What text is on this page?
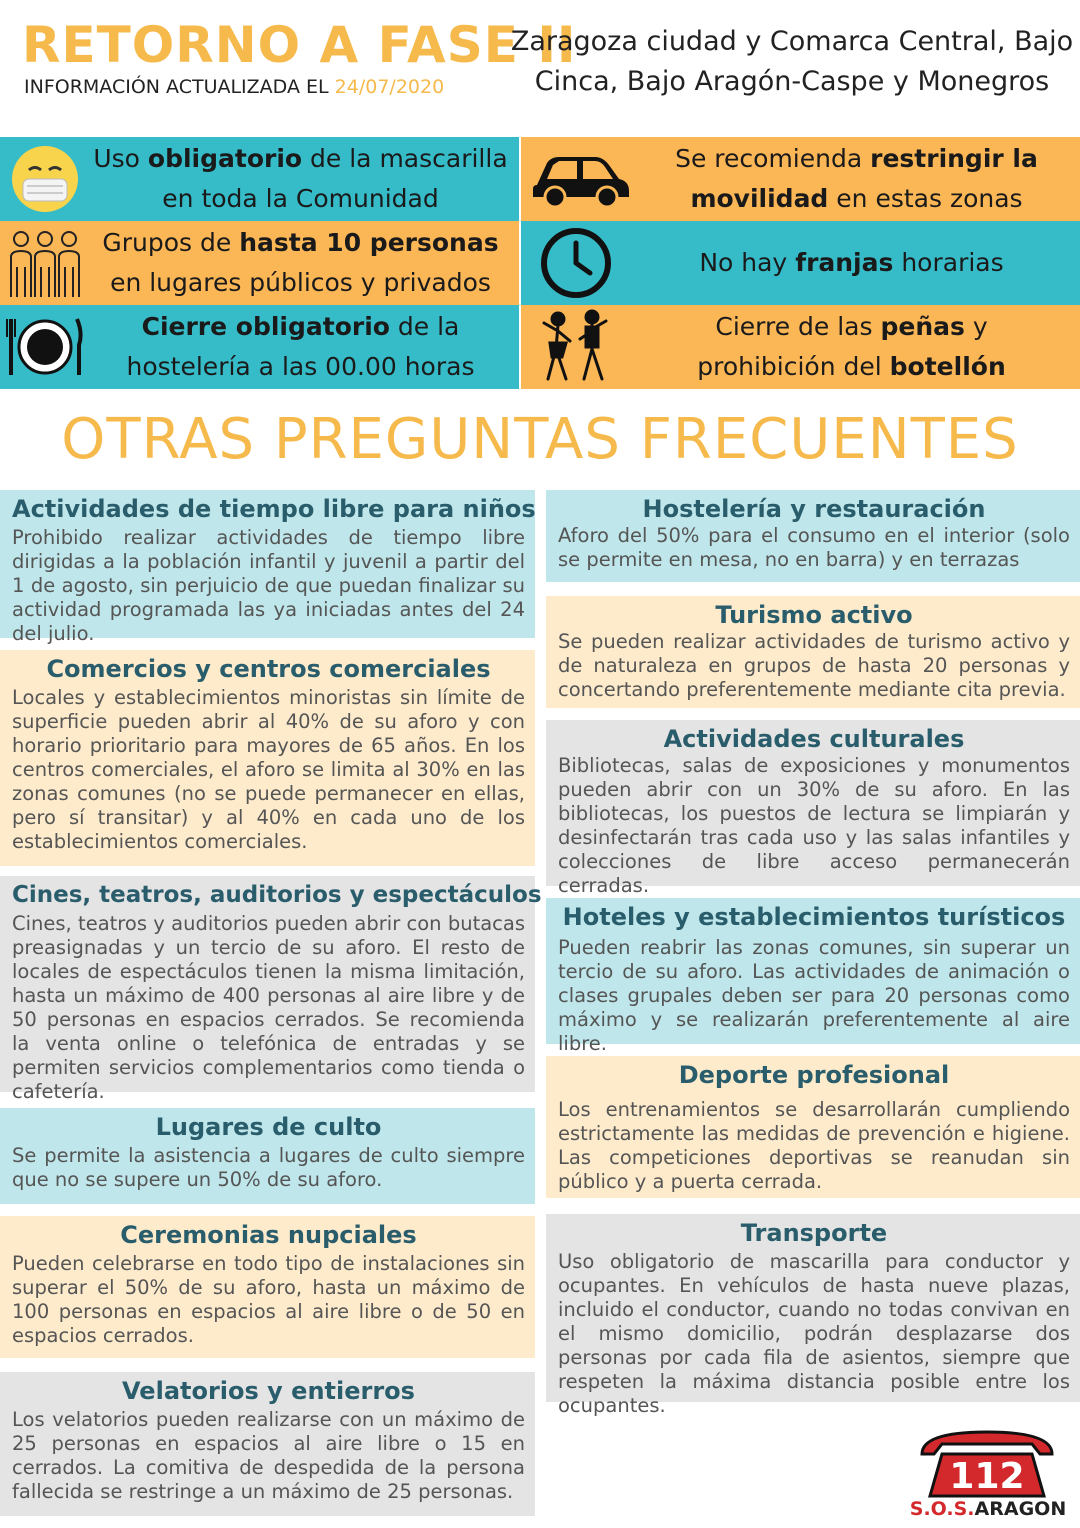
RETORNO A FASE II
INFORMACIÓN ACTUALIZADA EL 24/07/2020
Zaragoza ciudad y Comarca Central, Bajo
Cinca, Bajo Aragón-Caspe y Monegros
Uso obligatorio de la mascarilla
en toda la Comunidad
Se recomienda restringir la
movilidad en estas zonas
Grupos de hasta 10 personas
en lugares públicos y privados
No hay franjas horarias
Cierre obligatorio de la
hostelería a las 00.00 horas
Cierre de las peñas y
prohibición del botellón
OTRAS PREGUNTAS FRECUENTES
Actividades de tiempo libre para niños

Prohibido realizar actividades de tiempo libre dirigidas a la población infantil y juvenil a partir del 1 de agosto, sin perjuicio de que puedan finalizar su actividad programada las ya iniciadas antes del 24 del julio.

Comercios y centros comerciales

Locales y establecimientos minoristas sin límite de superficie pueden abrir al 40% de su aforo y con horario prioritario para mayores de 65 años. En los centros comerciales, el aforo se limita al 30% en las zonas comunes (no se puede permanecer en ellas, pero sí transitar) y al 40% en cada uno de los establecimientos comerciales.

Cines, teatros, auditorios y espectáculos

Cines, teatros y auditorios pueden abrir con butacas preasignadas y un tercio de su aforo. El resto de locales de espectáculos tienen la misma limitación, hasta un máximo de 400 personas al aire libre y de 50 personas en espacios cerrados. Se recomienda la venta online o telefónica de entradas y se permiten servicios complementarios como tienda o cafetería.

Lugares de culto

Se permite la asistencia a lugares de culto siempre que no se supere un 50% de su aforo.

Ceremonias nupciales

Pueden celebrarse en todo tipo de instalaciones sin superar el 50% de su aforo, hasta un máximo de 100 personas en espacios al aire libre o de 50 en espacios cerrados.

Velatorios y entierros

Los velatorios pueden realizarse con un máximo de 25 personas en espacios al aire libre o 15 en cerrados. La comitiva de despedida de la persona fallecida se restringe a un máximo de 25 personas.

Hostelería y restauración

Aforo del 50% para el consumo en el interior (solo se permite en mesa, no en barra) y en terrazas

Turismo activo

Se pueden realizar actividades de turismo activo y de naturaleza en grupos de hasta 20 personas y concertando preferentemente mediante cita previa.

Actividades culturales

Bibliotecas, salas de exposiciones y monumentos pueden abrir con un 30% de su aforo. En las bibliotecas, los puestos de lectura se limpiarán y desinfectarán tras cada uso y las salas infantiles y colecciones de libre acceso permanecerán cerradas.

Hoteles y establecimientos turísticos

Pueden reabrir las zonas comunes, sin superar un tercio de su aforo. Las actividades de animación o clases grupales deben ser para 20 personas como máximo y se realizarán preferentemente al aire libre.

Deporte profesional

Los entrenamientos se desarrollarán cumpliendo estrictamente las medidas de prevención e higiene. Las competiciones deportivas se reanudan sin público y a puerta cerrada.

Transporte

Uso obligatorio de mascarilla para conductor y ocupantes. En vehículos de hasta nueve plazas, incluido el conductor, cuando no todas convivan en el mismo domicilio, podrán desplazarse dos personas por cada fila de asientos, siempre que respeten la máxima distancia posible entre los ocupantes.

112
S.O.S.ARAGON
